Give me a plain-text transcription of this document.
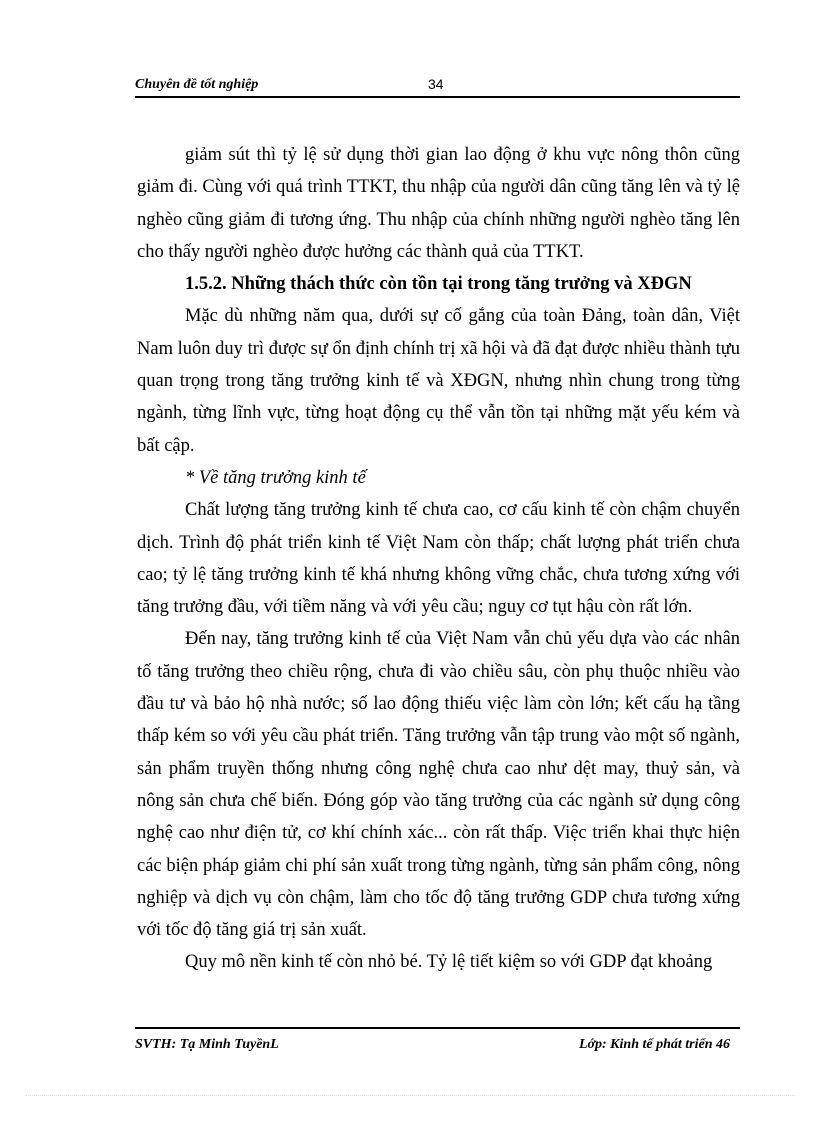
Chuyên đề tốt nghiệp	34

giảm sút thì tỷ lệ sử dụng thời gian lao động ở khu vực nông thôn cũng giảm đi. Cùng với quá trình TTKT, thu nhập của người dân cũng tăng lên và tỷ lệ nghèo cũng giảm đi tương ứng. Thu nhập của chính những người nghèo tăng lên cho thấy người nghèo được hưởng các thành quả của TTKT.

1.5.2. Những thách thức còn tồn tại trong tăng trưởng và XĐGN

Mặc dù những năm qua, dưới sự cố gắng của toàn Đảng, toàn dân, Việt Nam luôn duy trì được sự ổn định chính trị xã hội và đã đạt được nhiều thành tựu quan trọng trong tăng trưởng kinh tế và XĐGN, nhưng nhìn chung trong từng ngành, từng lĩnh vực, từng hoạt động cụ thể vẫn tồn tại những mặt yếu kém và bất cập.

* Về tăng trưởng kinh tế

Chất lượng tăng trưởng kinh tế chưa cao, cơ cấu kinh tế còn chậm chuyển dịch. Trình độ phát triển kinh tế Việt Nam còn thấp; chất lượng phát triển chưa cao; tỷ lệ tăng trưởng kinh tế khá nhưng không vững chắc, chưa tương xứng với tăng trưởng đầu, với tiềm năng và với yêu cầu; nguy cơ tụt hậu còn rất lớn.

Đến nay, tăng trưởng kinh tế của Việt Nam vẫn chủ yếu dựa vào các nhân tố tăng trưởng theo chiều rộng, chưa đi vào chiều sâu, còn phụ thuộc nhiều vào đầu tư và bảo hộ nhà nước; số lao động thiếu việc làm còn lớn; kết cấu hạ tầng thấp kém so với yêu cầu phát triển. Tăng trưởng vẫn tập trung vào một số ngành, sản phẩm truyền thống nhưng công nghệ chưa cao như dệt may, thuỷ sản, và nông sản chưa chế biến. Đóng góp vào tăng trưởng của các ngành sử dụng công nghệ cao như điện tử, cơ khí chính xác... còn rất thấp. Việc triển khai thực hiện các biện pháp giảm chi phí sản xuất trong từng ngành, từng sản phẩm công, nông nghiệp và dịch vụ còn chậm, làm cho tốc độ tăng trưởng GDP chưa tương xứng với tốc độ tăng giá trị sản xuất.

Quy mô nền kinh tế còn nhỏ bé. Tỷ lệ tiết kiệm so với GDP đạt khoảng

SVTH: Tạ Minh TuyềnL	Lớp: Kinh tế phát triển 46
